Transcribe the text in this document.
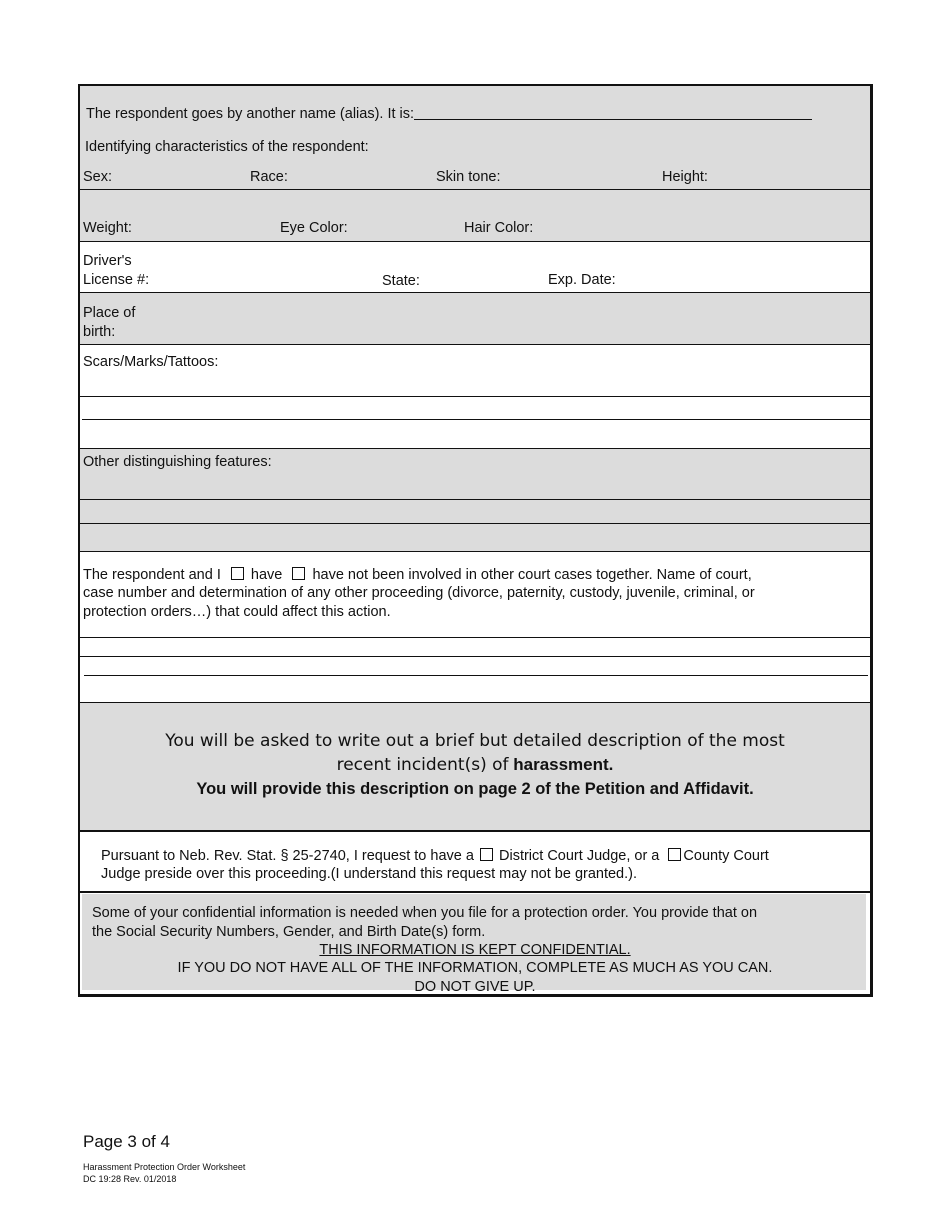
The respondent goes by another name (alias). It is:
Identifying characteristics of the respondent:
Sex:	Race:	Skin tone:	Height:
Weight:	Eye Color:	Hair Color:
Driver's
License #:	State:	Exp. Date:
Place of
birth:
Scars/Marks/Tattoos:
Other distinguishing features:
The respondent and I have have not been involved in other court cases together. Name of court,
case number and determination of any other proceeding (divorce, paternity, custody, juvenile, criminal, or
protection orders…) that could affect this action.
You will be asked to write out a brief but detailed description of the most
recent incident(s) of harassment.
You will provide this description on page 2 of the Petition and Affidavit.
Pursuant to Neb. Rev. Stat. § 25-2740, I request to have a District Court Judge, or a County Court
Judge preside over this proceeding.(I understand this request may not be granted.).
Some of your confidential information is needed when you file for a protection order. You provide that on
the Social Security Numbers, Gender, and Birth Date(s) form.
THIS INFORMATION IS KEPT CONFIDENTIAL.
IF YOU DO NOT HAVE ALL OF THE INFORMATION, COMPLETE AS MUCH AS YOU CAN.
DO NOT GIVE UP.
Page 3 of 4
Harassment Protection Order Worksheet
DC 19:28 Rev. 01/2018
